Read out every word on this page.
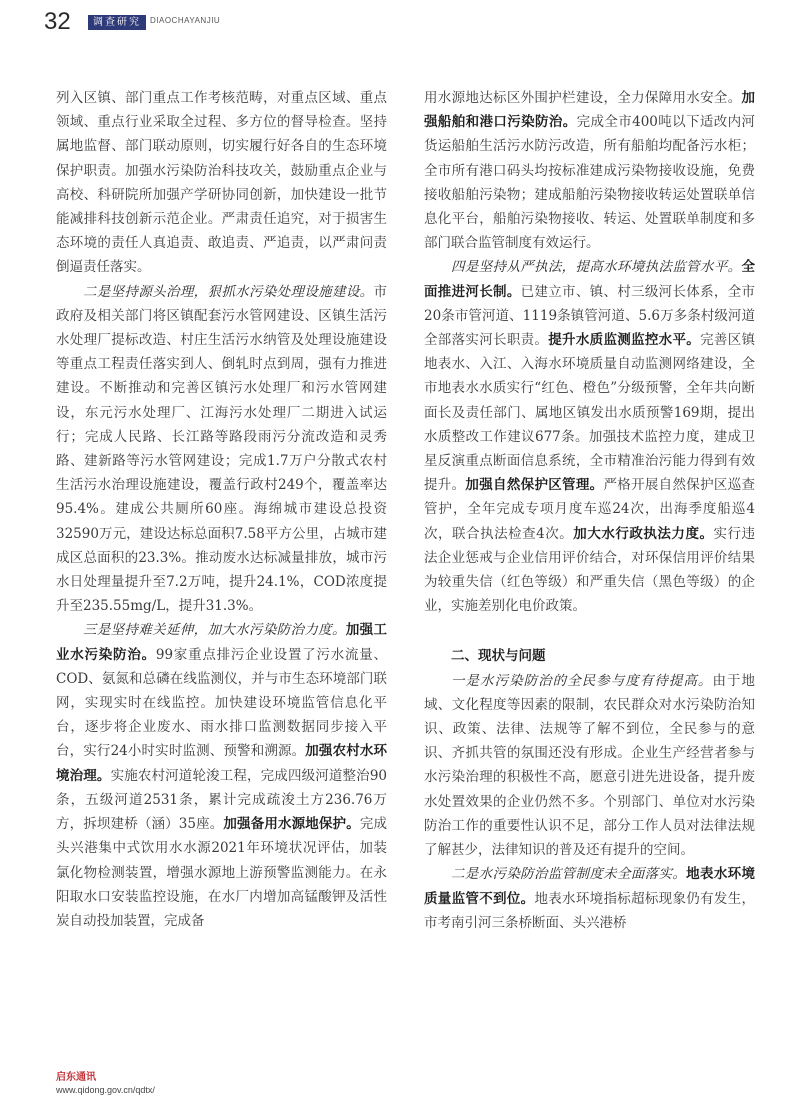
32	调查研究	DIAOCHAYANJIU

列入区镇、部门重点工作考核范畴，对重点区域、重点领域、重点行业采取全过程、多方位的督导检查。坚持属地监督、部门联动原则，切实履行好各自的生态环境保护职责。加强水污染防治科技攻关，鼓励重点企业与高校、科研院所加强产学研协同创新，加快建设一批节能减排科技创新示范企业。严肃责任追究，对于损害生态环境的责任人真追责、敢追责、严追责，以严肃问责倒逼责任落实。

二是坚持源头治理，狠抓水污染处理设施建设。市政府及相关部门将区镇配套污水管网建设、区镇生活污水处理厂提标改造、村庄生活污水纳管及处理设施建设等重点工程责任落实到人、倒轧时点到周，强有力推进建设。不断推动和完善区镇污水处理厂和污水管网建设，东元污水处理厂、江海污水处理厂二期进入试运行；完成人民路、长江路等路段雨污分流改造和灵秀路、建新路等污水管网建设；完成1.7万户分散式农村生活污水治理设施建设，覆盖行政村249个，覆盖率达95.4%。建成公共厕所60座。海绵城市建设总投资32590万元，建设达标总面积7.58平方公里，占城市建成区总面积的23.3%。推动废水达标减量排放，城市污水日处理量提升至7.2万吨，提升24.1%，COD浓度提升至235.55mg/L，提升31.3%。

三是坚持难关延伸，加大水污染防治力度。加强工业水污染防治。99家重点排污企业设置了污水流量、COD、氨氮和总磷在线监测仪，并与市生态环境部门联网，实现实时在线监控。加快建设环境监管信息化平台，逐步将企业废水、雨水排口监测数据同步接入平台，实行24小时实时监测、预警和溯源。加强农村水环境治理。实施农村河道轮浚工程，完成四级河道整治90条，五级河道2531条，累计完成疏浚土方236.76万方，拆坝建桥（涵）35座。加强备用水源地保护。完成头兴港集中式饮用水水源2021年环境状况评估，加装氯化物检测装置，增强水源地上游预警监测能力。在永阳取水口安装监控设施，在水厂内增加高锰酸钾及活性炭自动投加装置，完成备

用水源地达标区外围护栏建设，全力保障用水安全。加强船舶和港口污染防治。完成全市400吨以下适改内河货运船舶生活污水防污改造，所有船舶均配备污水柜；全市所有港口码头均按标准建成污染物接收设施，免费接收船舶污染物；建成船舶污染物接收转运处置联单信息化平台，船舶污染物接收、转运、处置联单制度和多部门联合监管制度有效运行。

四是坚持从严执法，提高水环境执法监管水平。全面推进河长制。已建立市、镇、村三级河长体系，全市20条市管河道、1119条镇管河道、5.6万多条村级河道全部落实河长职责。提升水质监测监控水平。完善区镇地表水、入江、入海水环境质量自动监测网络建设，全市地表水水质实行“红色、橙色”分级预警，全年共向断面长及责任部门、属地区镇发出水质预警169期，提出水质整改工作建议677条。加强技术监控力度，建成卫星反演重点断面信息系统，全市精准治污能力得到有效提升。加强自然保护区管理。严格开展自然保护区巡查管护，全年完成专项月度车巡24次，出海季度船巡4次，联合执法检查4次。加大水行政执法力度。实行违法企业惩戒与企业信用评价结合，对环保信用评价结果为较重失信（红色等级）和严重失信（黑色等级）的企业，实施差别化电价政策。

二、现状与问题

一是水污染防治的全民参与度有待提高。由于地域、文化程度等因素的限制，农民群众对水污染防治知识、政策、法律、法规等了解不到位，全民参与的意识、齐抓共管的氛围还没有形成。企业生产经营者参与水污染治理的积极性不高，愿意引进先进设备，提升废水处置效果的企业仍然不多。个别部门、单位对水污染防治工作的重要性认识不足，部分工作人员对法律法规了解甚少，法律知识的普及还有提升的空间。

二是水污染防治监管制度未全面落实。地表水环境质量监管不到位。地表水环境指标超标现象仍有发生，市考南引河三条桥断面、头兴港桥

启东通讯
www.qidong.gov.cn/qdtx/
